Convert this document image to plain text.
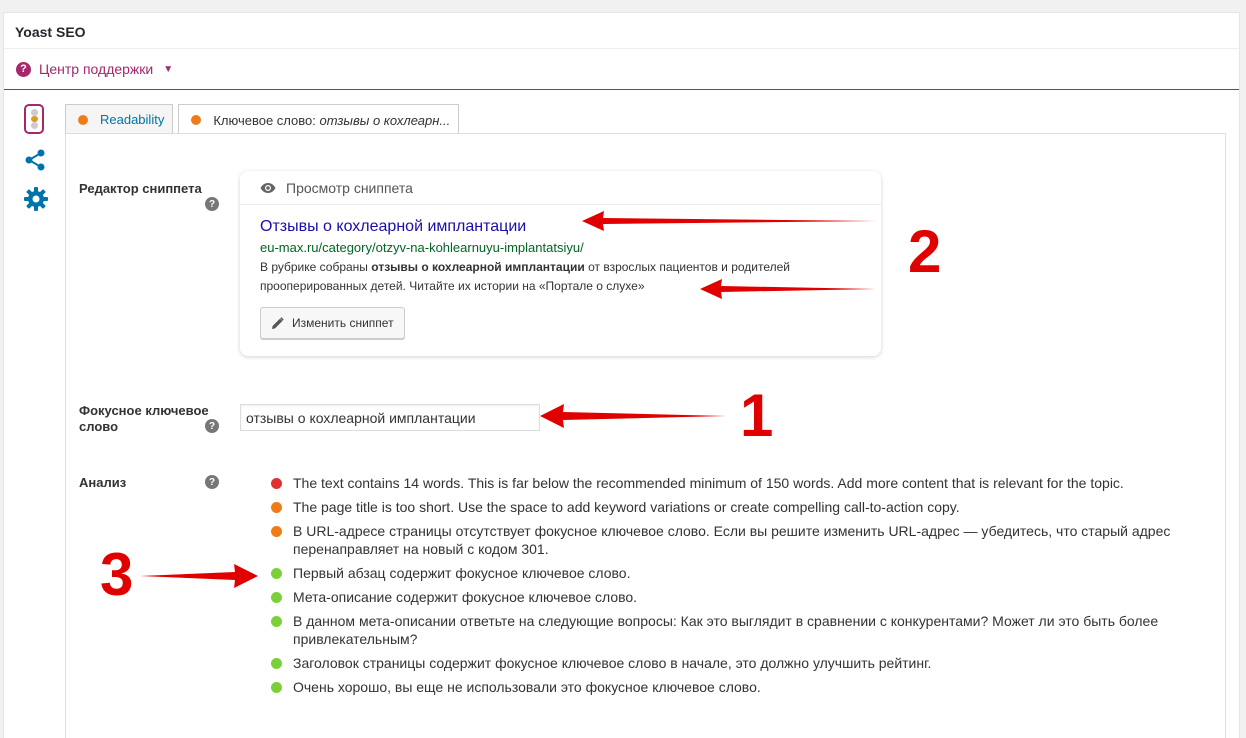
Yoast SEO
? Центр поддержки ▼
Readability	Ключевое слово: отзывы о кохлеарн...
Редактор сниппета
?
Просмотр сниппета
Отзывы о кохлеарной имплантации
eu-max.ru/category/otzyv-na-kohlearnuyu-implantatsiyu/
В рубрике собраны отзывы о кохлеарной имплантации от взрослых пациентов и родителей прооперированных детей. Читайте их истории на «Портале о слухе»
Изменить сниппет
Фокусное ключевое
слово	?
отзывы о кохлеарной имплантации
Анализ	?	The text contains 14 words. This is far below the recommended minimum of 150 words. Add more content that is relevant for the topic.
The page title is too short. Use the space to add keyword variations or create compelling call-to-action copy.
В URL-адресе страницы отсутствует фокусное ключевое слово. Если вы решите изменить URL-адрес — убедитесь, что старый адрес перенаправляет на новый с кодом 301.
Первый абзац содержит фокусное ключевое слово.
Мета-описание содержит фокусное ключевое слово.
В данном мета-описании ответьте на следующие вопросы: Как это выглядит в сравнении с конкурентами? Может ли это быть более привлекательным?
Заголовок страницы содержит фокусное ключевое слово в начале, это должно улучшить рейтинг.
Очень хорошо, вы еще не использовали это фокусное ключевое слово.
2
1
3
